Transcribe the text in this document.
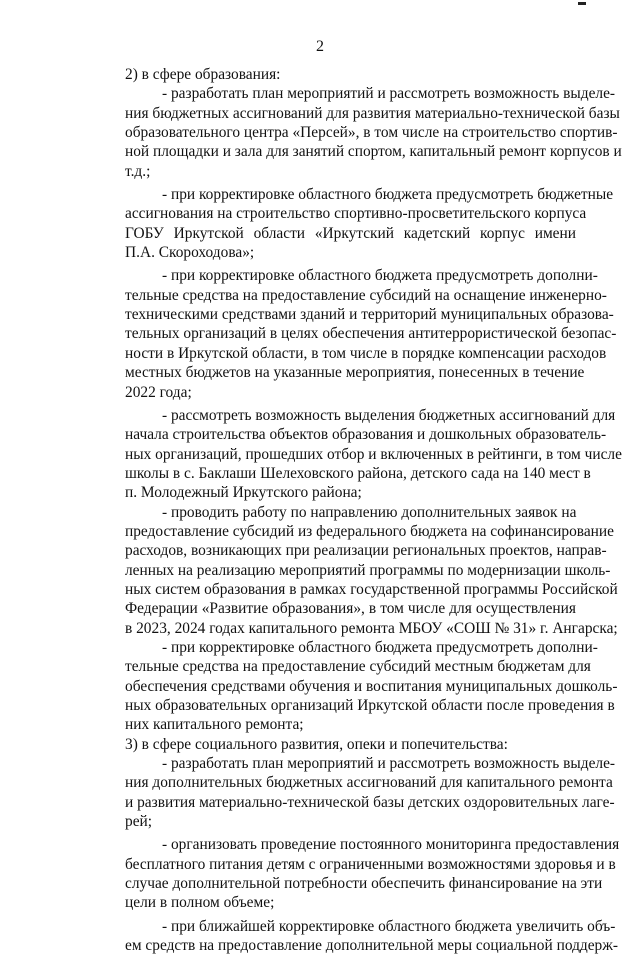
2

2) в сфере образования:

- разработать план мероприятий и рассмотреть возможность выделе-
ния бюджетных ассигнований для развития материально-технической базы
образовательного центра «Персей», в том числе на строительство спортив-
ной площадки и зала для занятий спортом, капитальный ремонт корпусов и
т.д.;
- при корректировке областного бюджета предусмотреть бюджетные
ассигнования на строительство спортивно-просветительского корпуса
ГОБУ Иркутской области «Иркутский кадетский корпус имени
П.А. Скороходова»;
- при корректировке областного бюджета предусмотреть дополни-
тельные средства на предоставление субсидий на оснащение инженерно-
техническими средствами зданий и территорий муниципальных образова-
тельных организаций в целях обеспечения антитеррористической безопас-
ности в Иркутской области, в том числе в порядке компенсации расходов
местных бюджетов на указанные мероприятия, понесенных в течение
2022 года;
- рассмотреть возможность выделения бюджетных ассигнований для
начала строительства объектов образования и дошкольных образователь-
ных организаций, прошедших отбор и включенных в рейтинги, в том числе
школы в с. Баклаши Шелеховского района, детского сада на 140 мест в
п. Молодежный Иркутского района;
- проводить работу по направлению дополнительных заявок на
предоставление субсидий из федерального бюджета на софинансирование
расходов, возникающих при реализации региональных проектов, направ-
ленных на реализацию мероприятий программы по модернизации школь-
ных систем образования в рамках государственной программы Российской
Федерации «Развитие образования», в том числе для осуществления
в 2023, 2024 годах капитального ремонта МБОУ «СОШ № 31» г. Ангарска;
- при корректировке областного бюджета предусмотреть дополни-
тельные средства на предоставление субсидий местным бюджетам для
обеспечения средствами обучения и воспитания муниципальных дошколь-
ных образовательных организаций Иркутской области после проведения в
них капитального ремонта;

3) в сфере социального развития, опеки и попечительства:

- разработать план мероприятий и рассмотреть возможность выделе-
ния дополнительных бюджетных ассигнований для капитального ремонта
и развития материально-технической базы детских оздоровительных лаге-
рей;
- организовать проведение постоянного мониторинга предоставления
бесплатного питания детям с ограниченными возможностями здоровья и в
случае дополнительной потребности обеспечить финансирование на эти
цели в полном объеме;
- при ближайшей корректировке областного бюджета увеличить объ-
ем средств на предоставление дополнительной меры социальной поддерж-
